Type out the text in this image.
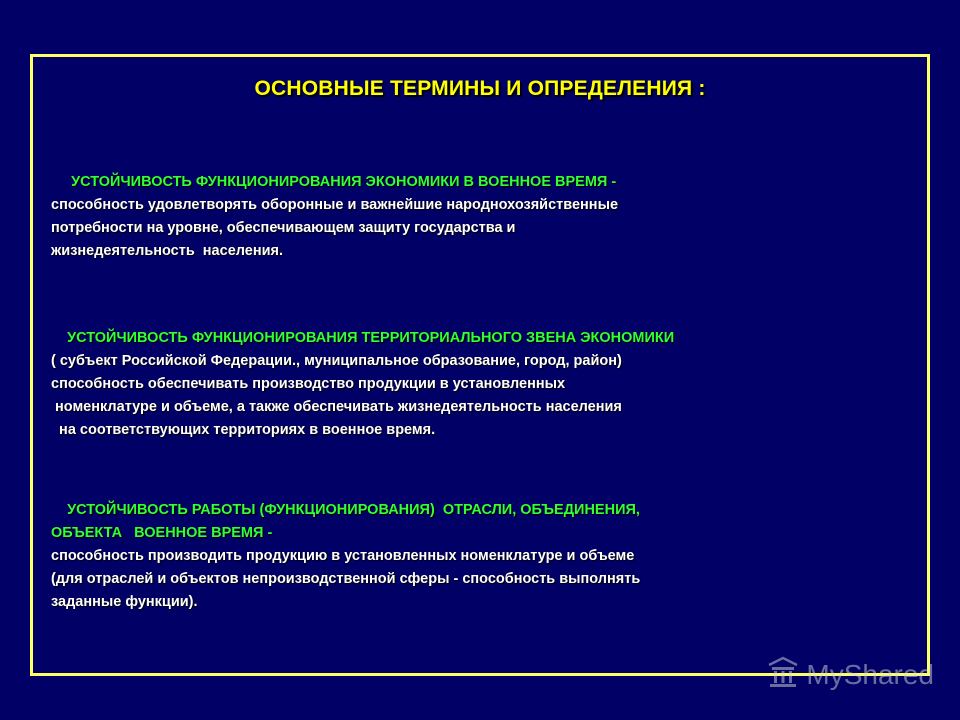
ОСНОВНЫЕ ТЕРМИНЫ И ОПРЕДЕЛЕНИЯ :
УСТОЙЧИВОСТЬ ФУНКЦИОНИРОВАНИЯ ЭКОНОМИКИ В ВОЕННОЕ ВРЕМЯ -
способность удовлетворять оборонные и важнейшие народнохозяйственные
потребности на уровне, обеспечивающем защиту государства и
жизнедеятельность  населения.
УСТОЙЧИВОСТЬ ФУНКЦИОНИРОВАНИЯ ТЕРРИТОРИАЛЬНОГО ЗВЕНА ЭКОНОМИКИ
( субъект Российской Федерации., муниципальное образование, город, район)
способность обеспечивать производство продукции в установленных
номенклатуре и объеме, а также обеспечивать жизнедеятельность населения
на соответствующих территориях в военное время.
УСТОЙЧИВОСТЬ РАБОТЫ (ФУНКЦИОНИРОВАНИЯ)  ОТРАСЛИ, ОБЪЕДИНЕНИЯ,
ОБЪЕКТА   ВОЕННОЕ ВРЕМЯ -
способность производить продукцию в установленных номенклатуре и объеме
(для отраслей и объектов непроизводственной сферы - способность выполнять
заданные функции).
MyShared
